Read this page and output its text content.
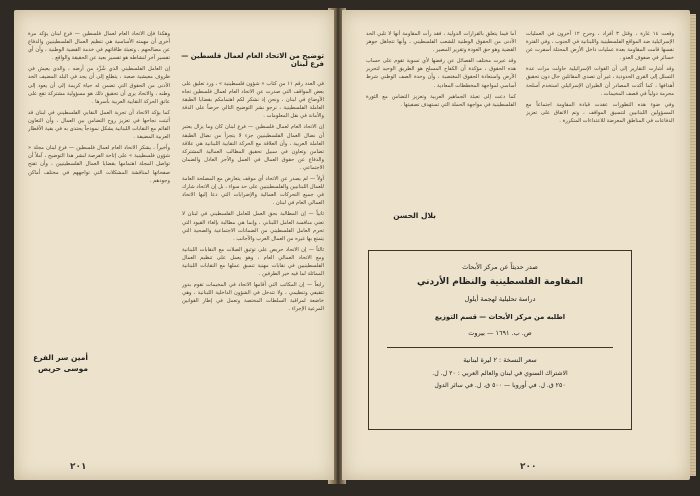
توضيح من الاتحاد العام لعمال فلسطين — فرع لبنان

في العدد رقم ١١ من كتاب « شؤون فلسطينية » ، ورد تعليق على بعض المواقف التي صدرت عن الاتحاد العام لعمال فلسطين تجاه الأوضاع في لبنان ، ونحن إذ نشكر لكم اهتمامكم بقضايا الطبقة العاملة الفلسطينية ، نرجو نشر التوضيح التالي حرصاً على الدقة والأمانة في نقل المعلومات .

إن الاتحاد العام لعمال فلسطين — فرع لبنان كان وما يزال يعتبر أن نضال العمال الفلسطينيين جزء لا يتجزأ من نضال الطبقة العاملة العربية ، وأن العلاقة مع الحركة النقابية اللبنانية هي علاقة تضامن وتعاون في سبيل تحقيق المطالب العمالية المشتركة والدفاع عن حقوق العمال في العمل والأجر العادل والضمان الاجتماعي .

أولاً — لم يصدر عن الاتحاد أي موقف يتعارض مع المصلحة العامة للعمال اللبنانيين والفلسطينيين على حد سواء ، بل إن الاتحاد شارك في جميع التحركات العمالية والإضرابات التي دعا إليها الاتحاد العمالي العام في لبنان .

ثانياً — إن المطالبة بحق العمل للعامل الفلسطيني في لبنان لا تعني منافسة العامل اللبناني ، وإنما هي مطالبة بإلغاء القيود التي تحرم العامل الفلسطيني من الضمانات الاجتماعية والصحية التي يتمتع بها غيره من العمال العرب والأجانب .

ثالثاً — إن الاتحاد حريص على توثيق الصلات مع النقابات اللبنانية ومع الاتحاد العمالي العام ، وهو يعمل على تنظيم العمال الفلسطينيين في نقابات مهنية تنسق عملها مع النقابات اللبنانية المماثلة لما فيه خير الطرفين .

رابعاً — إن المكاتب التي أقامها الاتحاد في المخيمات تقوم بدور تثقيفي وتنظيمي ، ولا تتدخل في الشؤون الداخلية اللبنانية ، وهي خاضعة لمراقبة السلطات المختصة وتعمل في إطار القوانين المرعية الإجراء .

وهكذا فإن الاتحاد العام لعمال فلسطين — فرع لبنان يؤكد مرة أخرى أن مهمته الأساسية هي تنظيم العمال الفلسطينيين والدفاع عن مصالحهم ، وتعبئة طاقاتهم في خدمة القضية الوطنية ، وأن أي تفسير آخر لنشاطه هو تفسير بعيد عن الحقيقة والواقع .

إن العامل الفلسطيني الذي شُرِّد من أرضه ، والذي يعيش في ظروف معيشية صعبة ، يتطلع إلى أن يجد في البلد المضيف الحد الأدنى من الحقوق التي تضمن له حياة كريمة إلى أن يعود إلى وطنه ، والاتحاد يرى أن تحقيق ذلك هو مسؤولية مشتركة تقع على عاتق الحركة النقابية العربية بأسرها .

كما يؤكد الاتحاد أن تجربة العمل النقابي الفلسطيني في لبنان قد أثبتت نجاحها في تعزيز روح التضامن بين العمال ، وأن التعاون القائم مع النقابات اللبنانية يشكل نموذجاً يحتذى به في بقية الأقطار العربية المضيفة .

وأخيراً ، يشكر الاتحاد العام لعمال فلسطين — فرع لبنان مجلة « شؤون فلسطينية » على إتاحة الفرصة لنشر هذا التوضيح ، آملاً أن تواصل المجلة اهتمامها بقضايا العمال الفلسطينيين ، وأن تفتح صفحاتها لمناقشة المشكلات التي تواجههم في مختلف أماكن وجودهم .

أمين سر الفرع
موسى حريص
٢٠١

وقعت ١٤ غارة ، وقتل ٣ أفراد ، وجرح ١٢ آخرون في العمليات الإسرائيلية ضد المواقع الفلسطينية واللبنانية في الجنوب ، وفي الفترة نفسها قامت المقاومة بعدة عمليات داخل الأرض المحتلة أسفرت عن خسائر في صفوف العدو .

وقد أشارت التقارير إلى أن القوات الإسرائيلية حاولت مرات عدة التسلل إلى القرى الحدودية ، غير أن تصدي المقاتلين حال دون تحقيق أهدافها ، كما أكدت المصادر أن الطيران الإسرائيلي استخدم أسلحة محرمة دولياً في قصف المخيمات .

وفي ضوء هذه التطورات عقدت قيادة المقاومة اجتماعاً مع المسؤولين اللبنانيين لتنسيق المواقف ، وتم الاتفاق على تعزيز الدفاعات في المناطق المعرضة للاعتداءات المتكررة .

أما فيما يتعلق بالقرارات الدولية ، فقد رأت المقاومة أنها لا تلبي الحد الأدنى من الحقوق الوطنية للشعب الفلسطيني ، وأنها تتجاهل جوهر القضية وهو حق العودة وتقرير المصير .

وقد عبرت مختلف الفصائل عن رفضها لأي تسوية تقوم على حساب هذه الحقوق ، مؤكدة أن الكفاح المسلح هو الطريق الوحيد لتحرير الأرض واستعادة الحقوق المغتصبة ، وأن وحدة الصف الوطني شرط أساسي لمواجهة المخططات المعادية .

كما دعت إلى تعبئة الجماهير العربية وتعزيز التضامن مع الثورة الفلسطينية في مواجهة الحملة التي تستهدف تصفيتها .

بلال الحسن
صدر حديثاً عن مركز الأبحاث
المقاومة الفلسطينية والنظام الأردني
دراسة تحليلية لهجمة أيلول
اطلبه من مركز الأبحاث — قسم التوزيع
ص. ب. ١٦٩١ — بيروت
سعر النسخة : ٢ ليرة لبنانية
الاشتراك السنوي في لبنان والعالم العربي : ٢٠ ل. ل.
٢٥٠ ق. ل. في أوروبا — ٥٠٠ ق. ل. في سائر الدول
٢٠٠
